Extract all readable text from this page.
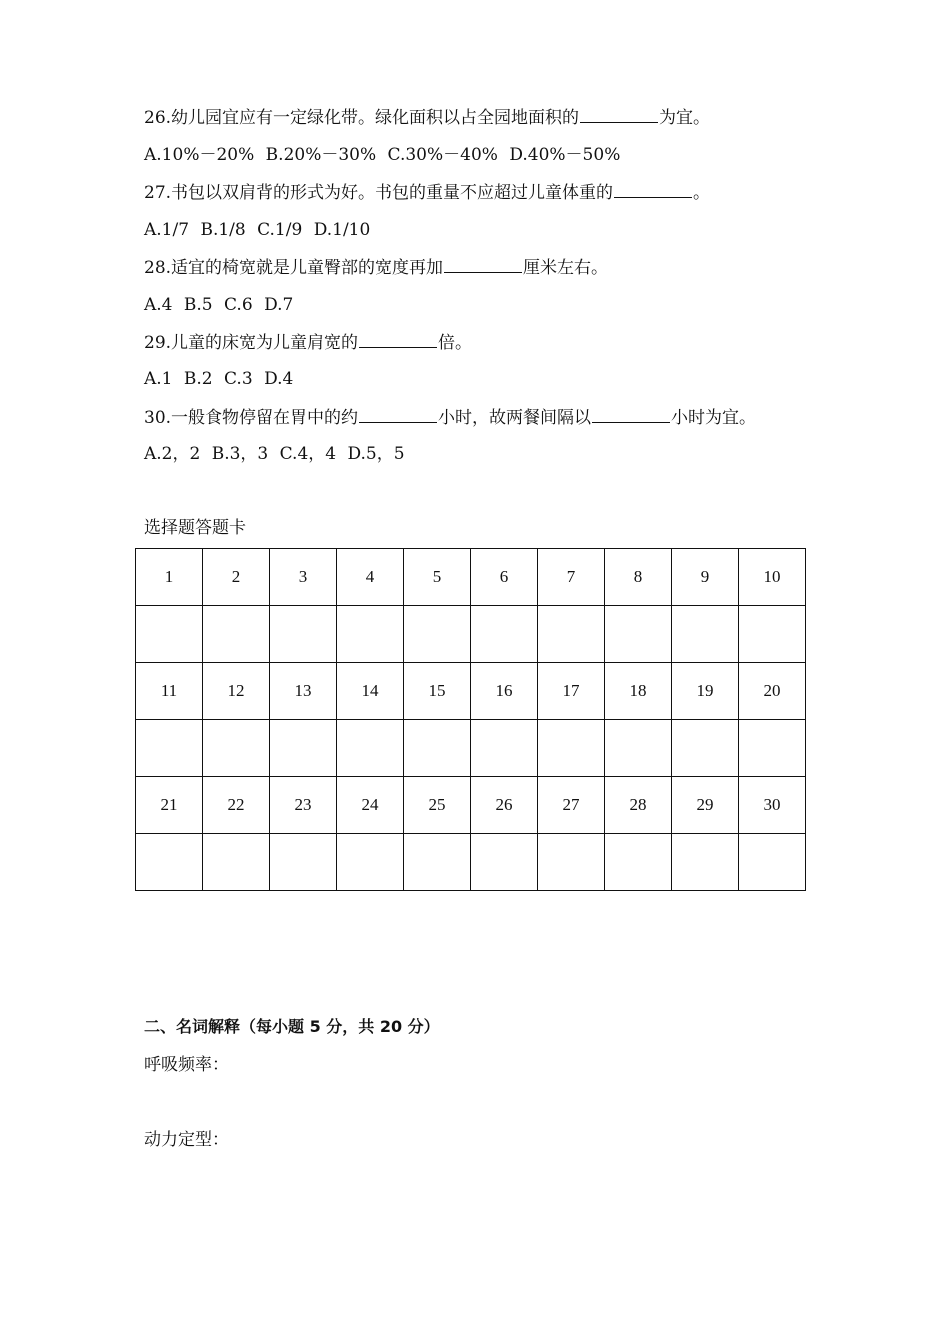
26.幼儿园宜应有一定绿化带。绿化面积以占全园地面积的	为宜。
A.10%－20% B.20%－30% C.30%－40% D.40%－50%
27.书包以双肩背的形式为好。书包的重量不应超过儿童体重的	。
A.1/7 B.1/8 C.1/9 D.1/10
28.适宜的椅宽就是儿童臀部的宽度再加	厘米左右。
A.4 B.5 C.6 D.7
29.儿童的床宽为儿童肩宽的	倍。
A.1 B.2 C.3 D.4
30.一般食物停留在胃中的约	小时，故两餐间隔以	小时为宜。
A.2，2 B.3，3 C.4，4 D.5，5
选择题答题卡
1	2	3	4	5	6	7	8	9	10

11	12	13	14	15	16	17	18	19	20

21	22	23	24	25	26	27	28	29	30

二、名词解释（每小题 5 分，共 20 分）
呼吸频率：
动力定型：
